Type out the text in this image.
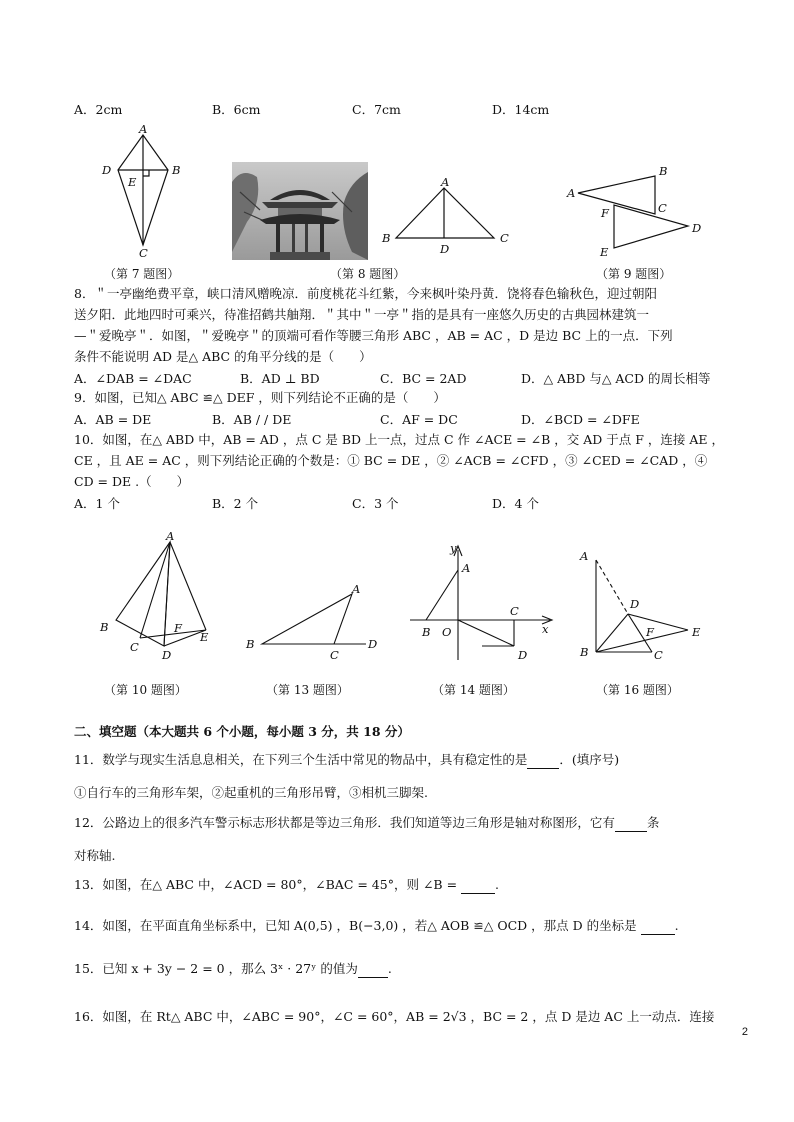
A．2cm	B．6cm	C．7cm	D．14cm
A
D	B
E
C
（第 7 题图）	（第 8 题图）
A
B	C
D
A
B
C
D
F
E
（第 9 题图）
8．＂一亭幽绝费平章，峡口清风赠晚凉．前度桃花斗红紫，今来枫叶染丹黄．饶将春色输秋色，迎过朝阳
送夕阳．此地四时可乘兴，待准招鹤共舳翔．＂其中＂一亭＂指的是具有一座悠久历史的古典园林建筑一
—＂爱晚亭＂．如图，＂爱晚亭＂的顶端可看作等腰三角形 ABC ，AB = AC ，D 是边 BC 上的一点．下列
条件不能说明 AD 是△ ABC 的角平分线的是（　　）
A．∠DAB = ∠DAC	B．AD ⊥ BD	C．BC = 2AD	D．△ ABD 与△ ACD 的周长相等
9．如图，已知△ ABC ≌△ DEF ，则下列结论不正确的是（　　）
A．AB = DE	B．AB / / DE	C．AF = DC	D．∠BCD = ∠DFE
10．如图，在△ ABD 中，AB = AD ，点 C 是 BD 上一点，过点 C 作 ∠ACE = ∠B ，交 AD 于点 F ，连接 AE ，
CE ，且 AE = AC ，则下列结论正确的个数是：① BC = DE ，② ∠ACB = ∠CFD ，③ ∠CED = ∠CAD ，④
CD = DE .（　　）
A．1 个	B．2 个	C．3 个	D．4 个
A
B
C
D
E
F
（第 10 题图）
A
B
C
D
（第 13 题图）
y
A
x
B O
C
D
（第 14 题图）
A
D
E
F
B	C
（第 16 题图）
二、填空题（本大题共 6 个小题，每小题 3 分，共 18 分）
11．数学与现实生活息息相关，在下列三个生活中常见的物品中，具有稳定性的是	．(填序号)
①自行车的三角形车架，②起重机的三角形吊臂，③相机三脚架.
12．公路边上的很多汽车警示标志形状都是等边三角形．我们知道等边三角形是轴对称图形，它有	条
对称轴.
13．如图，在△ ABC 中，∠ACD = 80°，∠BAC = 45°，则 ∠B =	.
14．如图，在平面直角坐标系中，已知 A(0,5) ，B(−3,0) ，若△ AOB ≌△ OCD ，那点 D 的坐标是	.
15．已知 x + 3y − 2 = 0 ，那么 3ˣ · 27ʸ 的值为 .
16．如图，在 Rt△ ABC 中，∠ABC = 90°，∠C = 60°，AB = 2√3 ，BC = 2 ，点 D 是边 AC 上一动点．连接
2
